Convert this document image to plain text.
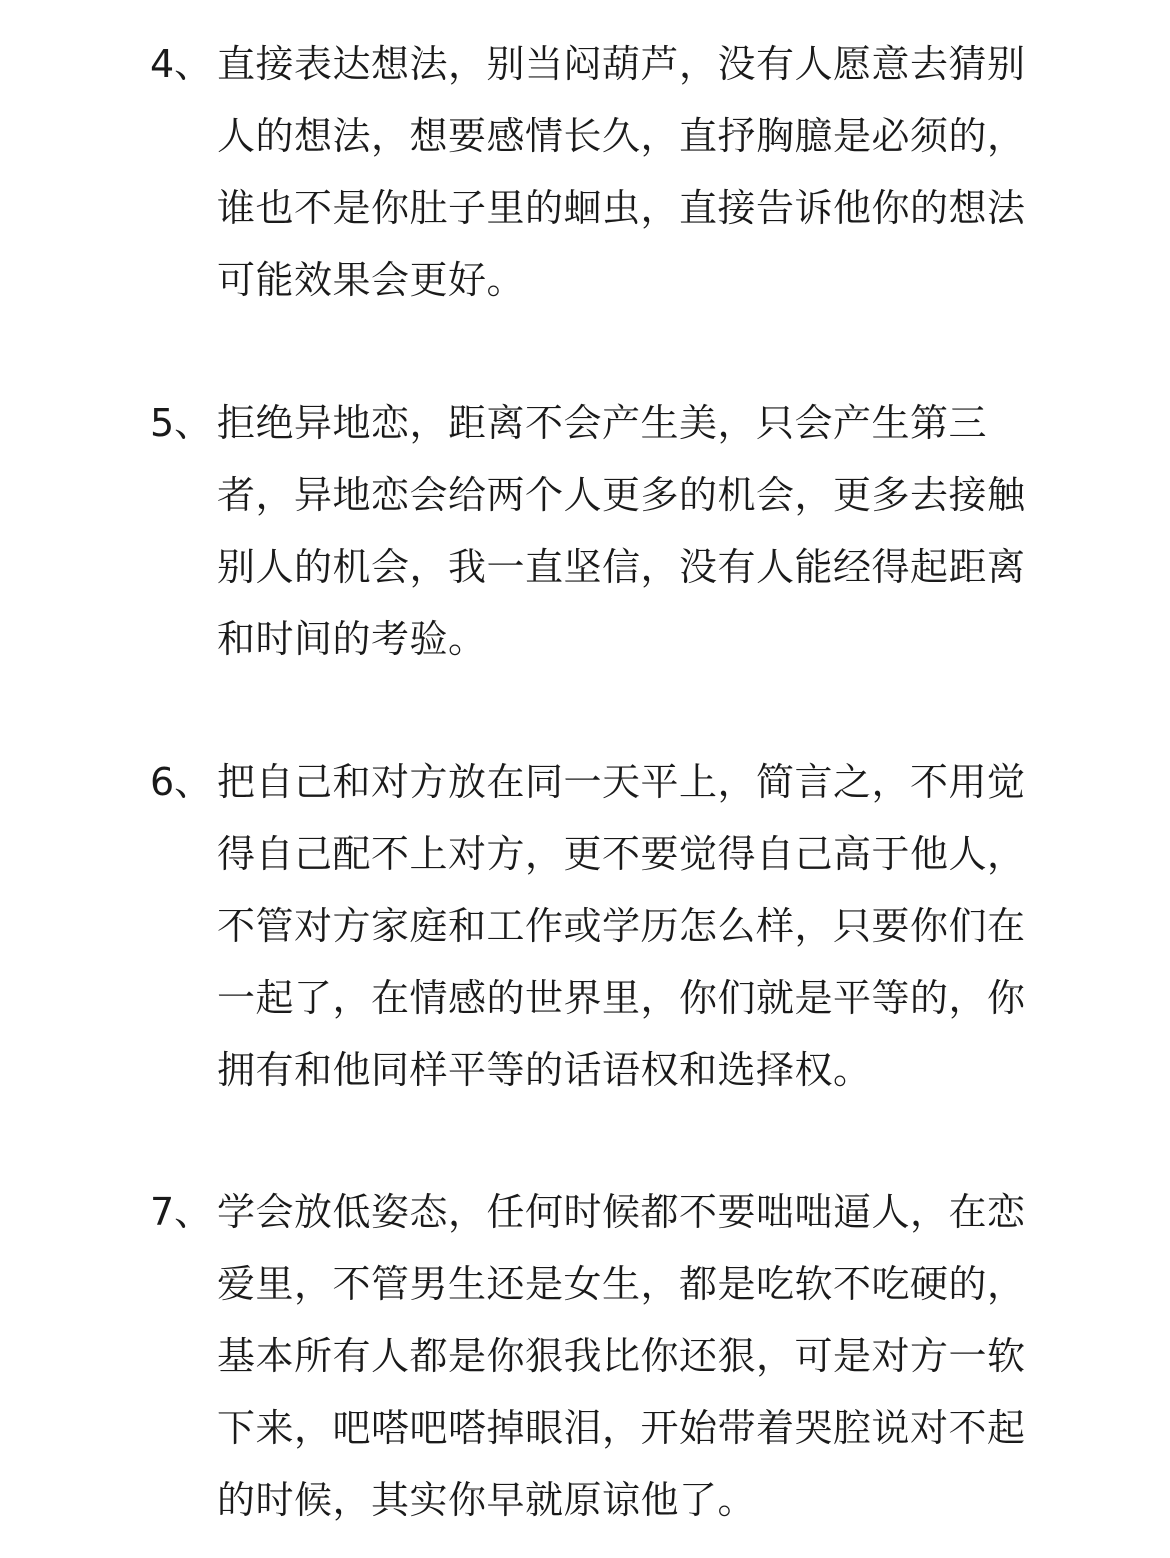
4、 直接表达想法，别当闷葫芦，没有人愿意去猜别
人的想法，想要感情长久，直抒胸臆是必须的，
谁也不是你肚子里的蛔虫，直接告诉他你的想法
可能效果会更好。
5、 拒绝异地恋，距离不会产生美，只会产生第三
者，异地恋会给两个人更多的机会，更多去接触
别人的机会，我一直坚信，没有人能经得起距离
和时间的考验。
6、 把自己和对方放在同一天平上，简言之，不用觉
得自己配不上对方，更不要觉得自己高于他人，
不管对方家庭和工作或学历怎么样，只要你们在
一起了，在情感的世界里，你们就是平等的，你
拥有和他同样平等的话语权和选择权。
7、 学会放低姿态，任何时候都不要咄咄逼人，在恋
爱里，不管男生还是女生，都是吃软不吃硬的，
基本所有人都是你狠我比你还狠，可是对方一软
下来，吧嗒吧嗒掉眼泪，开始带着哭腔说对不起
的时候，其实你早就原谅他了。
